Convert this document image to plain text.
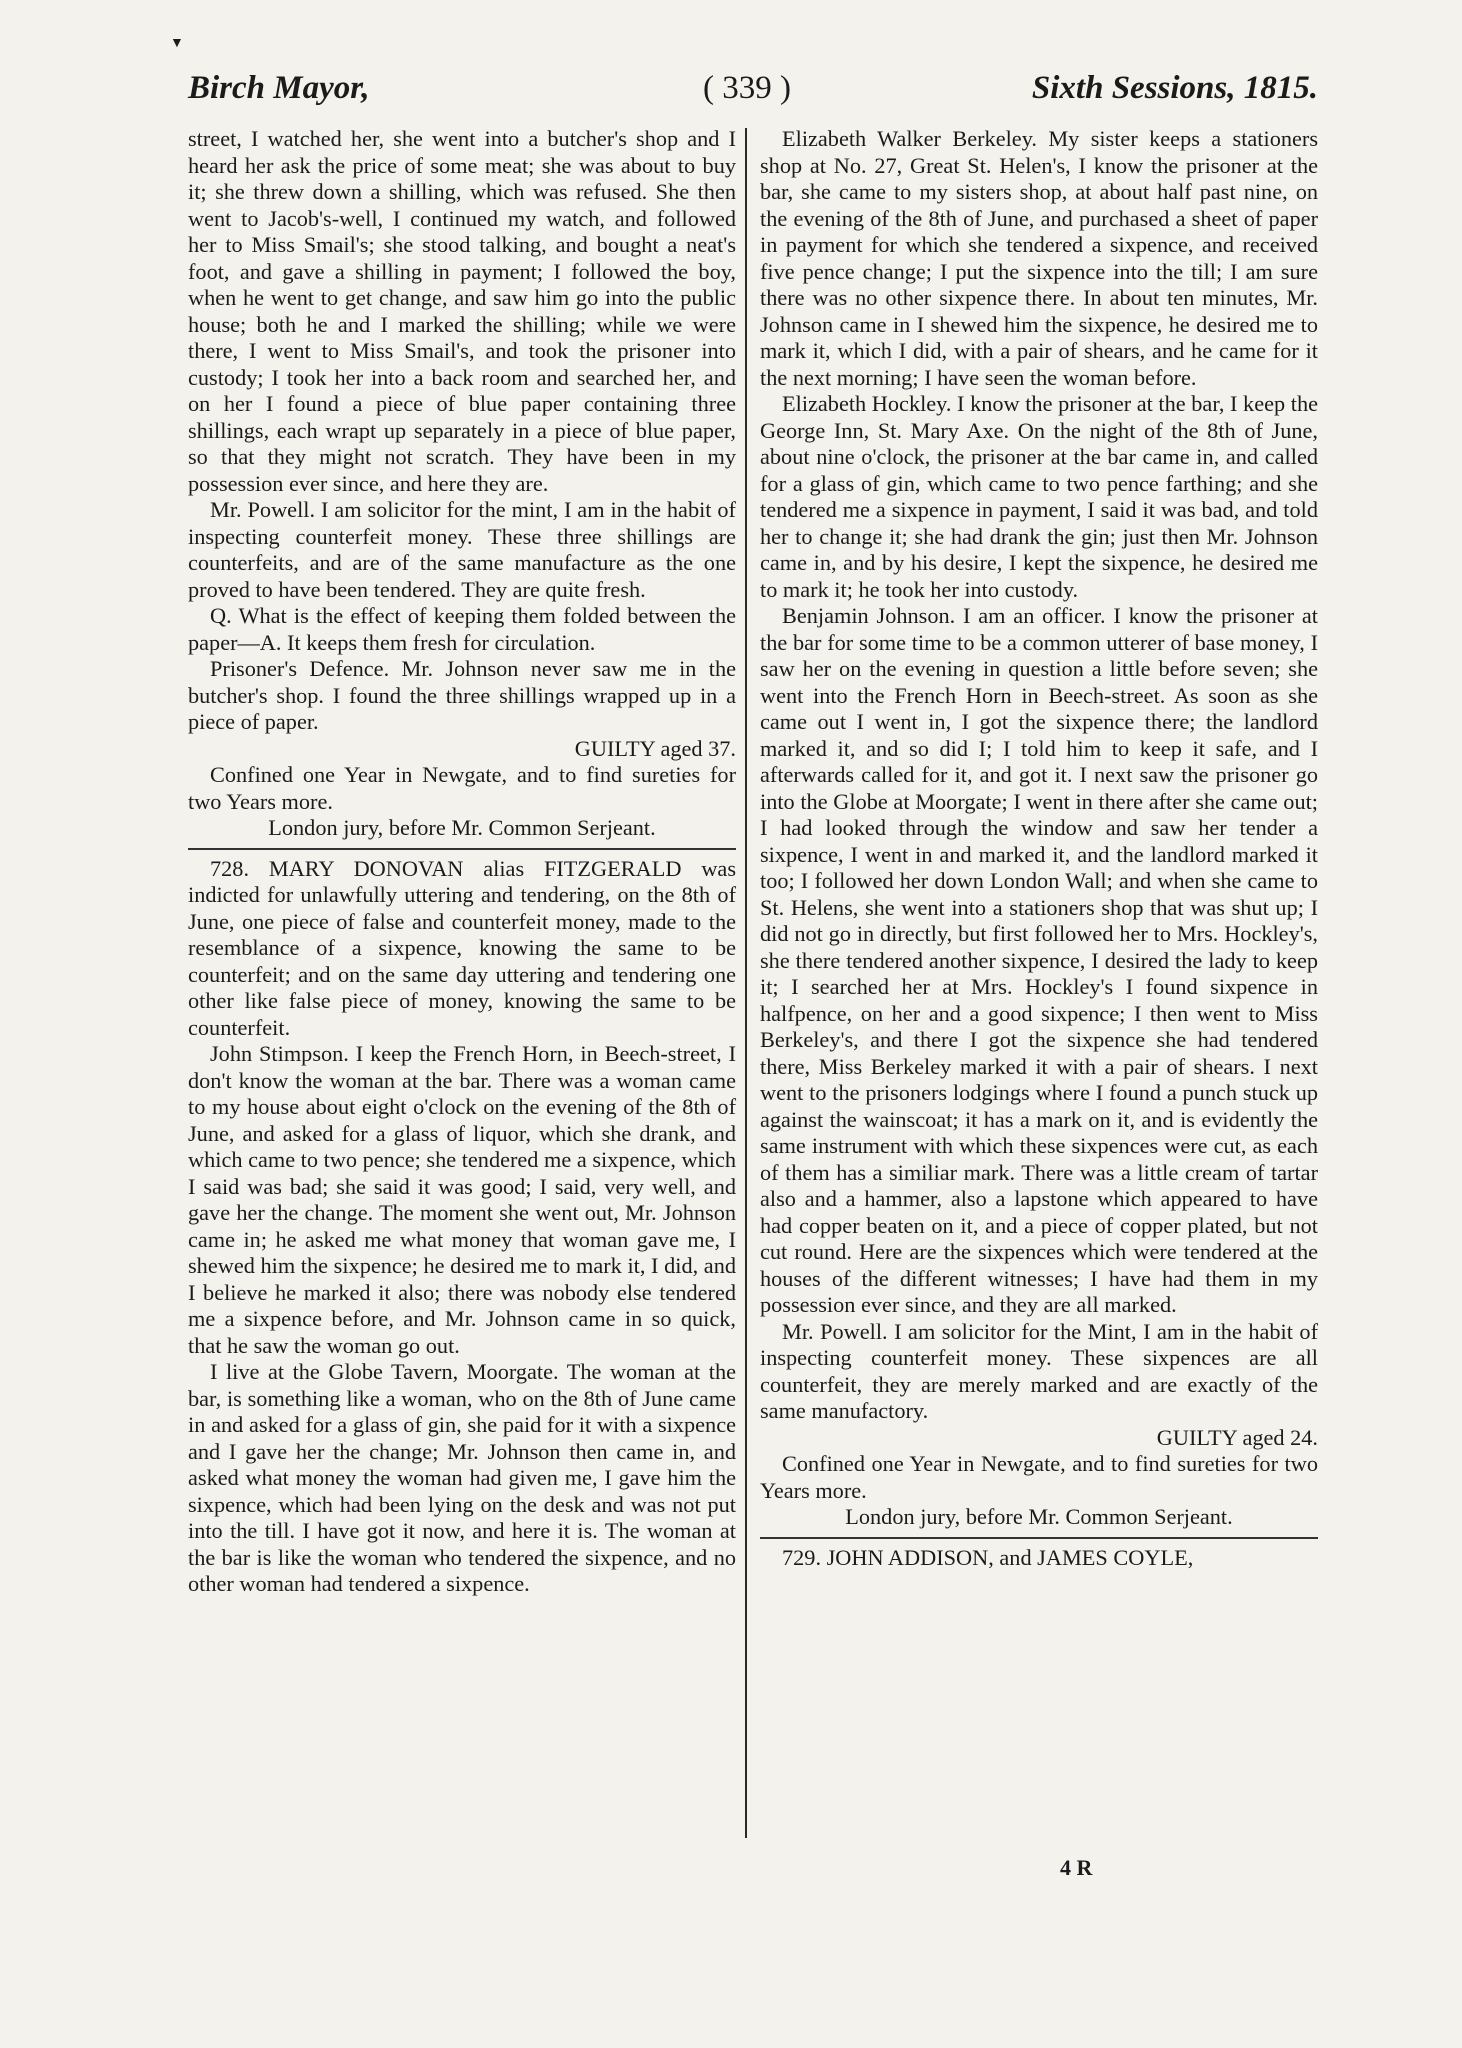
▼
Birch Mayor,	( 339 )	Sixth Sessions, 1815.

street, I watched her, she went into a butcher's shop and I heard her ask the price of some meat; she was about to buy it; she threw down a shilling, which was refused. She then went to Jacob's-well, I continued my watch, and followed her to Miss Smail's; she stood talking, and bought a neat's foot, and gave a shilling in payment; I followed the boy, when he went to get change, and saw him go into the public house; both he and I marked the shilling; while we were there, I went to Miss Smail's, and took the prisoner into custody; I took her into a back room and searched her, and on her I found a piece of blue paper containing three shillings, each wrapt up separately in a piece of blue paper, so that they might not scratch. They have been in my possession ever since, and here they are.

Mr. Powell. I am solicitor for the mint, I am in the habit of inspecting counterfeit money. These three shillings are counterfeits, and are of the same manufacture as the one proved to have been tendered. They are quite fresh.

Q. What is the effect of keeping them folded between the paper—A. It keeps them fresh for circulation.

Prisoner's Defence. Mr. Johnson never saw me in the butcher's shop. I found the three shillings wrapped up in a piece of paper.

GUILTY aged 37.

Confined one Year in Newgate, and to find sureties for two Years more.

London jury, before Mr. Common Serjeant.

728. MARY DONOVAN alias FITZGERALD was indicted for unlawfully uttering and tendering, on the 8th of June, one piece of false and counterfeit money, made to the resemblance of a sixpence, knowing the same to be counterfeit; and on the same day uttering and tendering one other like false piece of money, knowing the same to be counterfeit.

John Stimpson. I keep the French Horn, in Beech-street, I don't know the woman at the bar. There was a woman came to my house about eight o'clock on the evening of the 8th of June, and asked for a glass of liquor, which she drank, and which came to two pence; she tendered me a sixpence, which I said was bad; she said it was good; I said, very well, and gave her the change. The moment she went out, Mr. Johnson came in; he asked me what money that woman gave me, I shewed him the sixpence; he desired me to mark it, I did, and I believe he marked it also; there was nobody else tendered me a sixpence before, and Mr. Johnson came in so quick, that he saw the woman go out.

I live at the Globe Tavern, Moorgate. The woman at the bar, is something like a woman, who on the 8th of June came in and asked for a glass of gin, she paid for it with a sixpence and I gave her the change; Mr. Johnson then came in, and asked what money the woman had given me, I gave him the sixpence, which had been lying on the desk and was not put into the till. I have got it now, and here it is. The woman at the bar is like the woman who tendered the sixpence, and no other woman had tendered a sixpence.

Elizabeth Walker Berkeley. My sister keeps a stationers shop at No. 27, Great St. Helen's, I know the prisoner at the bar, she came to my sisters shop, at about half past nine, on the evening of the 8th of June, and purchased a sheet of paper in payment for which she tendered a sixpence, and received five pence change; I put the sixpence into the till; I am sure there was no other sixpence there. In about ten minutes, Mr. Johnson came in I shewed him the sixpence, he desired me to mark it, which I did, with a pair of shears, and he came for it the next morning; I have seen the woman before.

Elizabeth Hockley. I know the prisoner at the bar, I keep the George Inn, St. Mary Axe. On the night of the 8th of June, about nine o'clock, the prisoner at the bar came in, and called for a glass of gin, which came to two pence farthing; and she tendered me a sixpence in payment, I said it was bad, and told her to change it; she had drank the gin; just then Mr. Johnson came in, and by his desire, I kept the sixpence, he desired me to mark it; he took her into custody.

Benjamin Johnson. I am an officer. I know the prisoner at the bar for some time to be a common utterer of base money, I saw her on the evening in question a little before seven; she went into the French Horn in Beech-street. As soon as she came out I went in, I got the sixpence there; the landlord marked it, and so did I; I told him to keep it safe, and I afterwards called for it, and got it. I next saw the prisoner go into the Globe at Moorgate; I went in there after she came out; I had looked through the window and saw her tender a sixpence, I went in and marked it, and the landlord marked it too; I followed her down London Wall; and when she came to St. Helens, she went into a stationers shop that was shut up; I did not go in directly, but first followed her to Mrs. Hockley's, she there tendered another sixpence, I desired the lady to keep it; I searched her at Mrs. Hockley's I found sixpence in halfpence, on her and a good sixpence; I then went to Miss Berkeley's, and there I got the sixpence she had tendered there, Miss Berkeley marked it with a pair of shears. I next went to the prisoners lodgings where I found a punch stuck up against the wainscoat; it has a mark on it, and is evidently the same instrument with which these sixpences were cut, as each of them has a similiar mark. There was a little cream of tartar also and a hammer, also a lapstone which appeared to have had copper beaten on it, and a piece of copper plated, but not cut round. Here are the sixpences which were tendered at the houses of the different witnesses; I have had them in my possession ever since, and they are all marked.

Mr. Powell. I am solicitor for the Mint, I am in the habit of inspecting counterfeit money. These sixpences are all counterfeit, they are merely marked and are exactly of the same manufactory.

GUILTY aged 24.

Confined one Year in Newgate, and to find sureties for two Years more.

London jury, before Mr. Common Serjeant.

729. JOHN ADDISON, and JAMES COYLE,

4 R
